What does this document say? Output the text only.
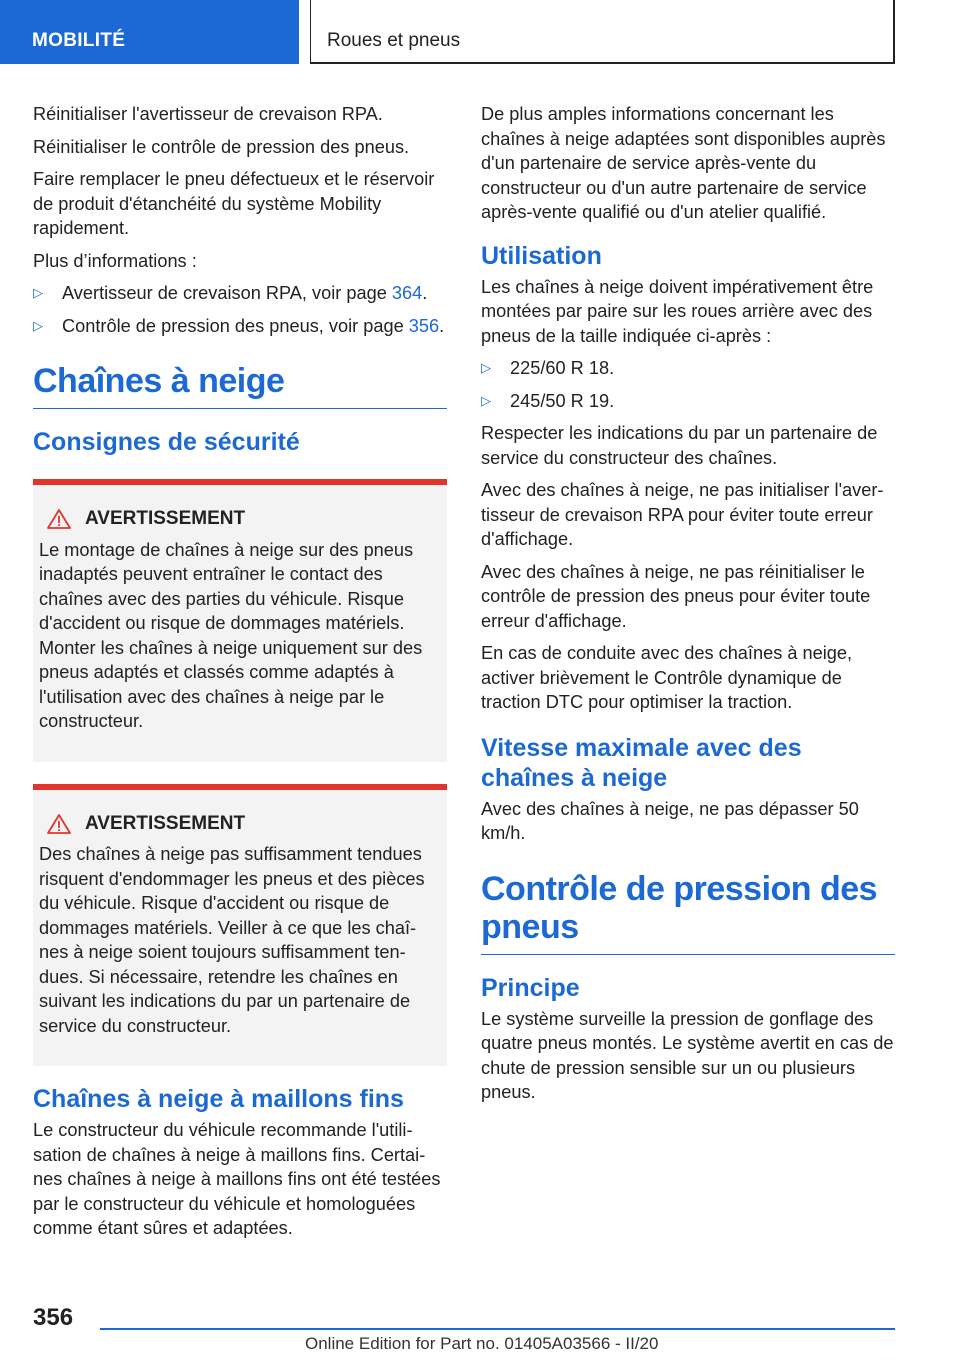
MOBILITÉ	Roues et pneus

Réinitialiser l'avertisseur de crevaison RPA.

Réinitialiser le contrôle de pression des pneus.

Faire remplacer le pneu défectueux et le réservoir de produit d'étanchéité du système Mobility rapidement.

Plus d’informations :

▷ Avertisseur de crevaison RPA, voir page 364.
▷ Contrôle de pression des pneus, voir page 356.
Chaînes à neige
Consignes de sécurité
AVERTISSEMENT

Le montage de chaînes à neige sur des pneus inadaptés peuvent entraîner le contact des chaînes avec des parties du véhicule. Risque d'accident ou risque de dommages matériels. Monter les chaînes à neige uniquement sur des pneus adaptés et classés comme adaptés à l'utilisation avec des chaînes à neige par le constructeur.

AVERTISSEMENT

Des chaînes à neige pas suffisamment tendues risquent d'endommager les pneus et des pièces du véhicule. Risque d'accident ou risque de dommages matériels. Veiller à ce que les chaînes à neige soient toujours suffisamment tendues. Si nécessaire, retendre les chaînes en suivant les indications du par un partenaire de service du constructeur.

Chaînes à neige à maillons fins

Le constructeur du véhicule recommande l'utilisation de chaînes à neige à maillons fins. Certaines chaînes à neige à maillons fins ont été testées par le constructeur du véhicule et homologuées comme étant sûres et adaptées.

De plus amples informations concernant les chaînes à neige adaptées sont disponibles auprès d'un partenaire de service après-vente du constructeur ou d'un autre partenaire de service après-vente qualifié ou d'un atelier qualifié.

Utilisation

Les chaînes à neige doivent impérativement être montées par paire sur les roues arrière avec des pneus de la taille indiquée ci-après :

▷ 225/60 R 18.
▷ 245/50 R 19.

Respecter les indications du par un partenaire de service du constructeur des chaînes.

Avec des chaînes à neige, ne pas initialiser l'avertisseur de crevaison RPA pour éviter toute erreur d'affichage.

Avec des chaînes à neige, ne pas réinitialiser le contrôle de pression des pneus pour éviter toute erreur d'affichage.

En cas de conduite avec des chaînes à neige, activer brièvement le Contrôle dynamique de traction DTC pour optimiser la traction.

Vitesse maximale avec des chaînes à neige

Avec des chaînes à neige, ne pas dépasser 50 km/h.

Contrôle de pression des pneus
Principe

Le système surveille la pression de gonflage des quatre pneus montés. Le système avertit en cas de chute de pression sensible sur un ou plusieurs pneus.

356
Online Edition for Part no. 01405A03566 - II/20
